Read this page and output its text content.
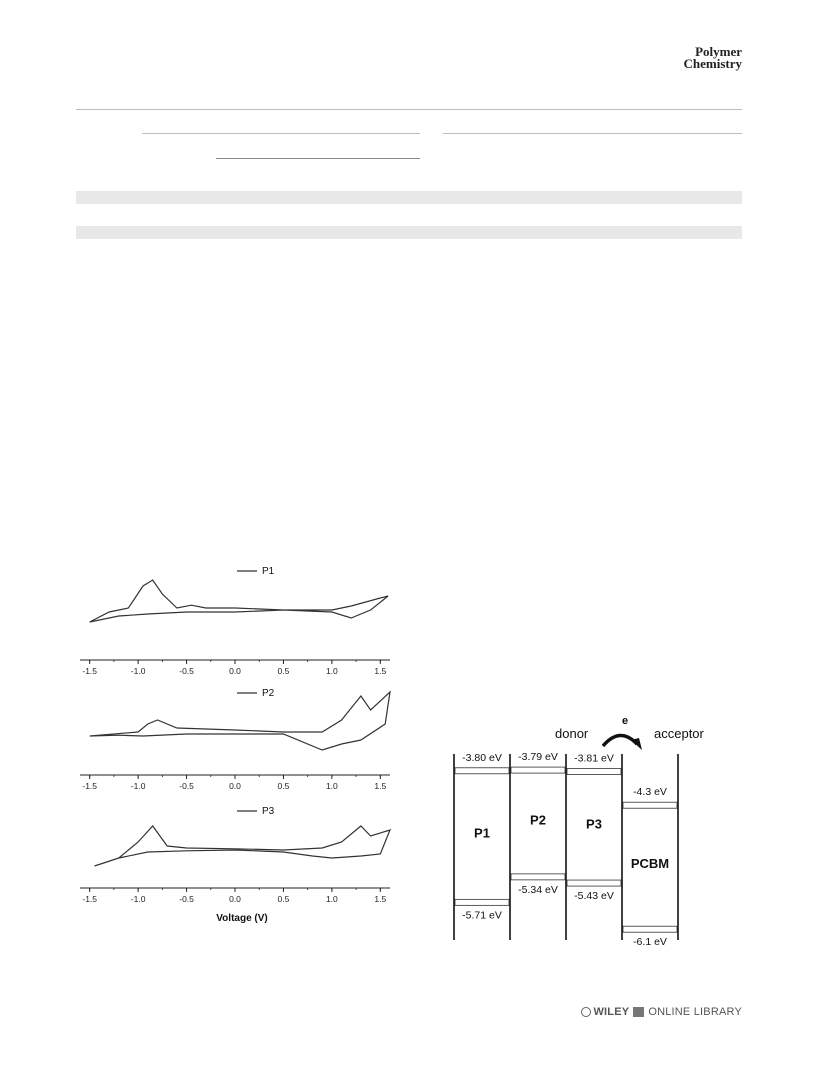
Polymer
Chemistry
P1
-1.5	-1.0	-0.5	0.0	0.5	1.0	1.5
P2
-1.5	-1.0	-0.5	0.0	0.5	1.0	1.5
P3
-1.5	-1.0	-0.5	0.0	0.5	1.0	1.5
Voltage (V)
donor
e
acceptor
-3.80 eV
-5.71 eV
P1
-3.79 eV
-5.34 eV
P2
-3.81 eV
-5.43 eV
P3
-4.3 eV
-6.1 eV
PCBM
WILEY ONLINE LIBRARY
